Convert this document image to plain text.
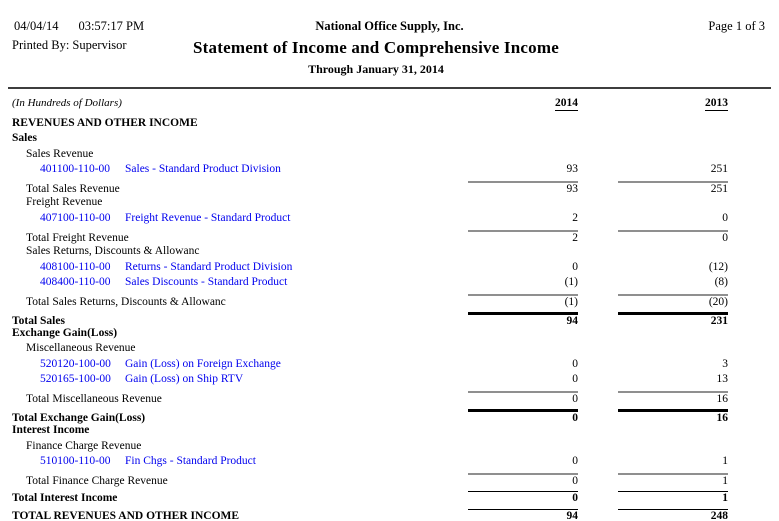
04/04/14 03:57:17 PM
Printed By: Supervisor
National Office Supply, Inc.	Page 1 of 3
Statement of Income and Comprehensive Income
Through January 31, 2014
(In Hundreds of Dollars)	2014	2013
REVENUES AND OTHER INCOME
Sales
Sales Revenue
401100-110-00 Sales - Standard Product Division	93	251
Total Sales Revenue	93	251
Freight Revenue
407100-110-00 Freight Revenue - Standard Product	2	0
Total Freight Revenue	2	0
Sales Returns, Discounts & Allowanc
408100-110-00 Returns - Standard Product Division	0	(12)
408400-110-00 Sales Discounts - Standard Product	(1)	(8)
Total Sales Returns, Discounts & Allowanc	(1)	(20)
Total Sales	94	231
Exchange Gain(Loss)
Miscellaneous Revenue
520120-100-00 Gain (Loss) on Foreign Exchange	0	3
520165-100-00 Gain (Loss) on Ship RTV	0	13
Total Miscellaneous Revenue	0	16
Total Exchange Gain(Loss)	0	16
Interest Income
Finance Charge Revenue
510100-110-00 Fin Chgs - Standard Product	0	1
Total Finance Charge Revenue	0	1
Total Interest Income	0	1
TOTAL REVENUES AND OTHER INCOME	94	248
